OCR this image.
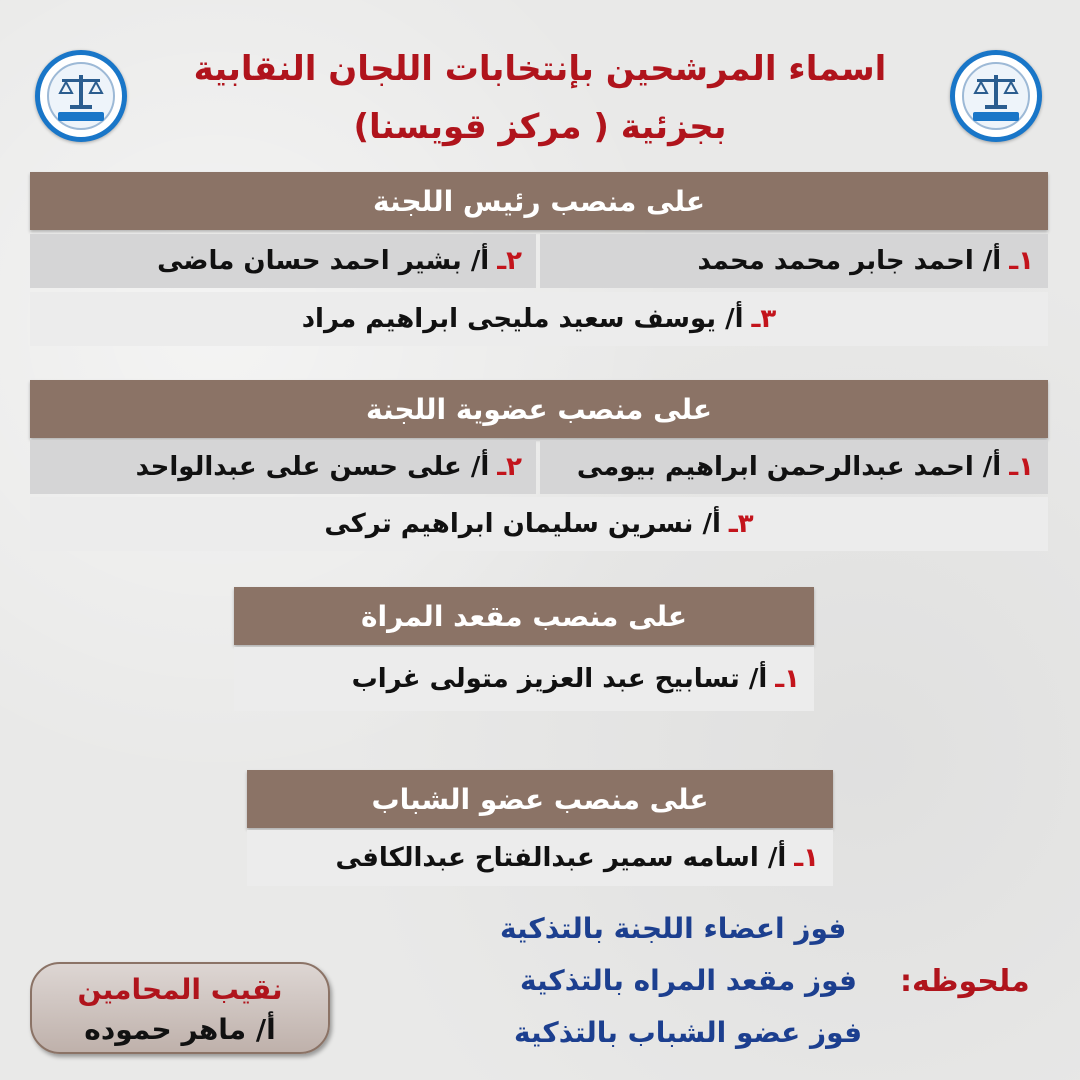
اسماء المرشحين بإنتخابات اللجان النقابية
بجزئية ( مركز قويسنا)
على منصب رئيس اللجنة
١ـ
أ/ احمد جابر محمد محمد
٢ـ
أ/ بشير احمد حسان ماضى
٣ـ
أ/ يوسف سعيد مليجى ابراهيم مراد
على منصب عضوية اللجنة
١ـ
أ/ احمد عبدالرحمن ابراهيم بيومى
٢ـ
أ/ على حسن على عبدالواحد
٣ـ
أ/ نسرين سليمان ابراهيم تركى
على منصب مقعد المراة
١ـ
أ/ تسابيح عبد العزيز متولى غراب
على منصب عضو الشباب
١ـ
أ/ اسامه سمير عبدالفتاح عبدالكافى
ملحوظه:
فوز اعضاء اللجنة بالتذكية
فوز مقعد المراه بالتذكية
فوز عضو الشباب بالتذكية
نقيب المحامين
أ/ ماهر حموده
